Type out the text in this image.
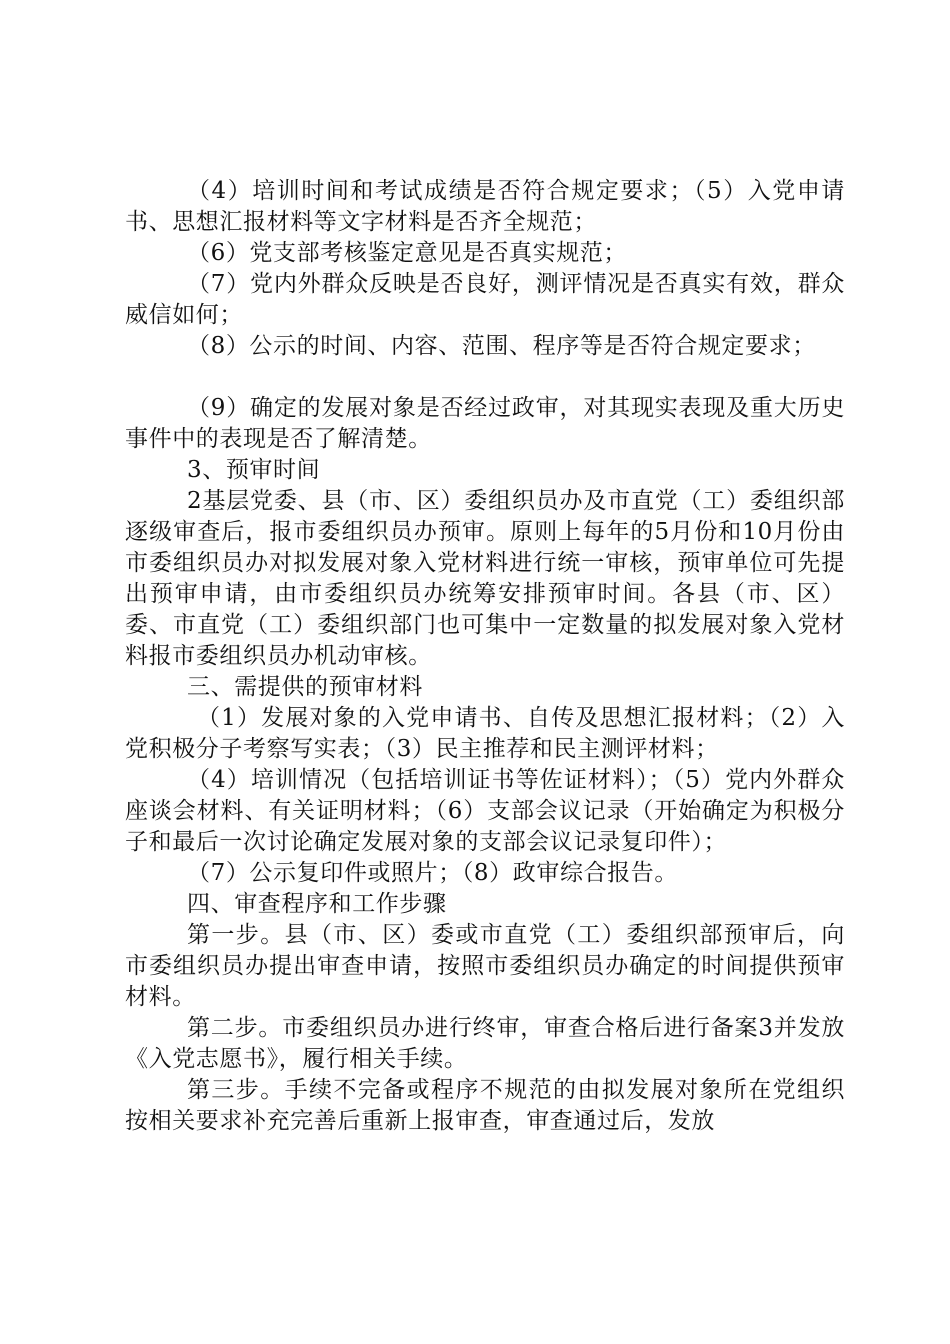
（4）培训时间和考试成绩是否符合规定要求；（5）入党申请书、思想汇报材料等文字材料是否齐全规范；

（6）党支部考核鉴定意见是否真实规范；

（7）党内外群众反映是否良好，测评情况是否真实有效，群众威信如何；

（8）公示的时间、内容、范围、程序等是否符合规定要求；

（9）确定的发展对象是否经过政审，对其现实表现及重大历史事件中的表现是否了解清楚。

3、预审时间

2基层党委、县（市、区）委组织员办及市直党（工）委组织部逐级审查后，报市委组织员办预审。原则上每年的5月份和10月份由市委组织员办对拟发展对象入党材料进行统一审核，预审单位可先提出预审申请，由市委组织员办统筹安排预审时间。各县（市、区）委、市直党（工）委组织部门也可集中一定数量的拟发展对象入党材料报市委组织员办机动审核。

三、需提供的预审材料

（1）发展对象的入党申请书、自传及思想汇报材料；（2）入党积极分子考察写实表；（3）民主推荐和民主测评材料；

（4）培训情况（包括培训证书等佐证材料）；（5）党内外群众座谈会材料、有关证明材料；（6）支部会议记录（开始确定为积极分子和最后一次讨论确定发展对象的支部会议记录复印件）；

（7）公示复印件或照片；（8）政审综合报告。

四、审查程序和工作步骤

第一步。县（市、区）委或市直党（工）委组织部预审后，向市委组织员办提出审查申请，按照市委组织员办确定的时间提供预审材料。

第二步。市委组织员办进行终审，审查合格后进行备案3并发放《入党志愿书》，履行相关手续。

第三步。手续不完备或程序不规范的由拟发展对象所在党组织按相关要求补充完善后重新上报审查，审查通过后，发放
